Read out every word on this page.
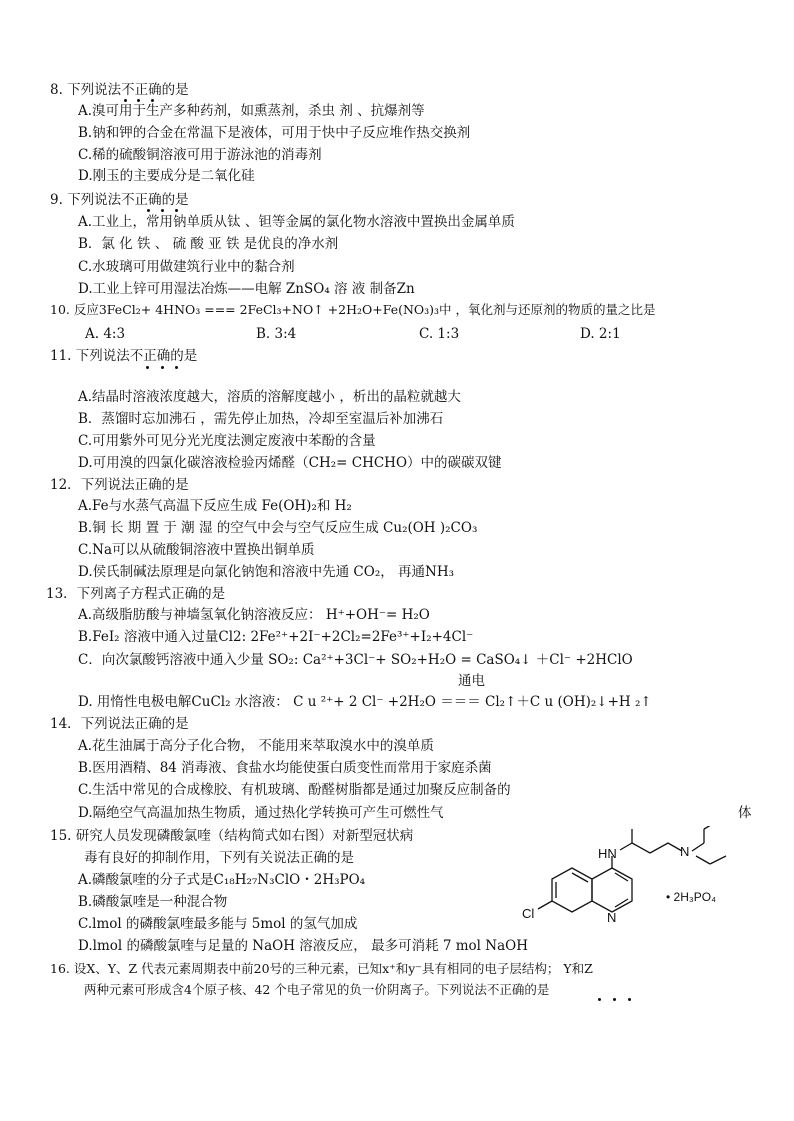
8. 下列说法不正确的是
A.溴可用于生产多种药剂，如熏蒸剂，杀虫 剂 、抗爆剂等
B.钠和钾的合金在常温下是液体，可用于快中子反应堆作热交换剂
C.稀的硫酸铜溶液可用于游泳池的消毒剂
D.刚玉的主要成分是二氧化硅
9. 下列说法不正确的是
A.工业上，常用钠单质从钛 、钽等金属的氯化物水溶液中置换出金属单质
B．氯 化 铁 、 硫 酸 亚 铁 是优良的净水剂
C.水玻璃可用做建筑行业中的黏合剂
D.工业上锌可用湿法冶炼——电解 ZnSO₄ 溶 液 制备Zn
10. 反应3FeCl₂+ 4HNO₃ === 2FeCl₃+NO↑ +2H₂O+Fe(NO₃)₃中 ，氧化剂与还原剂的物质的量之比是
A. 4:3	B. 3:4	C. 1:3	D. 2:1
11. 下列说法不正确的是
A.结晶时溶液浓度越大，溶质的溶解度越小 ，析出的晶粒就越大
B．蒸馏时忘加沸石 ，需先停止加热，冷却至室温后补加沸石
C.可用紫外可见分光光度法测定废液中苯酚的含量
D.可用溴的四氯化碳溶液检验丙烯醛（CH₂= CHCHO）中的碳碳双键
12．下列说法正确的是
A.Fe与水蒸气高温下反应生成 Fe(OH)₂和 H₂
B.铜 长 期 置 于 潮 湿 的空气中会与空气反应生成 Cu₂(OH )₂CO₃
C.Na可以从硫酸铜溶液中置换出铜单质
D.侯氏制碱法原理是向氯化钠饱和溶液中先通 CO₂， 再通NH₃
13．下列离子方程式正确的是
A.高级脂肪酸与神墙氢氧化钠溶液反应： H⁺+OH⁻= H₂O
B.FeI₂ 溶液中通入过量Cl2: 2Fe²⁺+2I⁻+2Cl₂=2Fe³⁺+I₂+4Cl⁻
C．向次氯酸钙溶液中通入少量 SO₂: Ca²⁺+3Cl⁻+ SO₂+H₂O = CaSO₄↓ ＋Cl⁻ +2HClO
通电
D. 用惰性电极电解CuCl₂ 水溶液： C u ²⁺+ 2 Cl⁻ +2H₂O ＝＝＝ Cl₂↑＋C u (OH)₂↓+H ₂↑
14．下列说法正确的是
A.花生油属于高分子化合物， 不能用来萃取溴水中的溴单质
B.医用酒精、84 消毒液、食盐水均能使蛋白质变性而常用于家庭杀菌
C.生活中常见的合成橡胶、有机玻璃、酚醛树脂都是通过加聚反应制备的
D.隔绝空气高温加热生物质，通过热化学转换可产生可燃性气	体
15. 研究人员发现磷酸氯喹（结构简式如右图）对新型冠状病
毒有良好的抑制作用，下列有关说法正确的是
A.磷酸氯喹的分子式是C₁₈H₂₇N₃ClO・2H₃PO₄
B.磷酸氯喹是一种混合物
C.lmol 的磷酸氯喹最多能与 5mol 的氢气加成
D.lmol 的磷酸氯喹与足量的 NaOH 溶液反应， 最多可消耗 7 mol NaOH
HN	N
N
Cl
• 2H₃PO₄
16. 设X、Y、Z 代表元素周期表中前20号的三种元素，已知x⁺和y⁻具有相同的电子层结构； Y和Z
两种元素可形成含4个原子核、42 个电子常见的负一价阴离子。下列说法不正确的是
